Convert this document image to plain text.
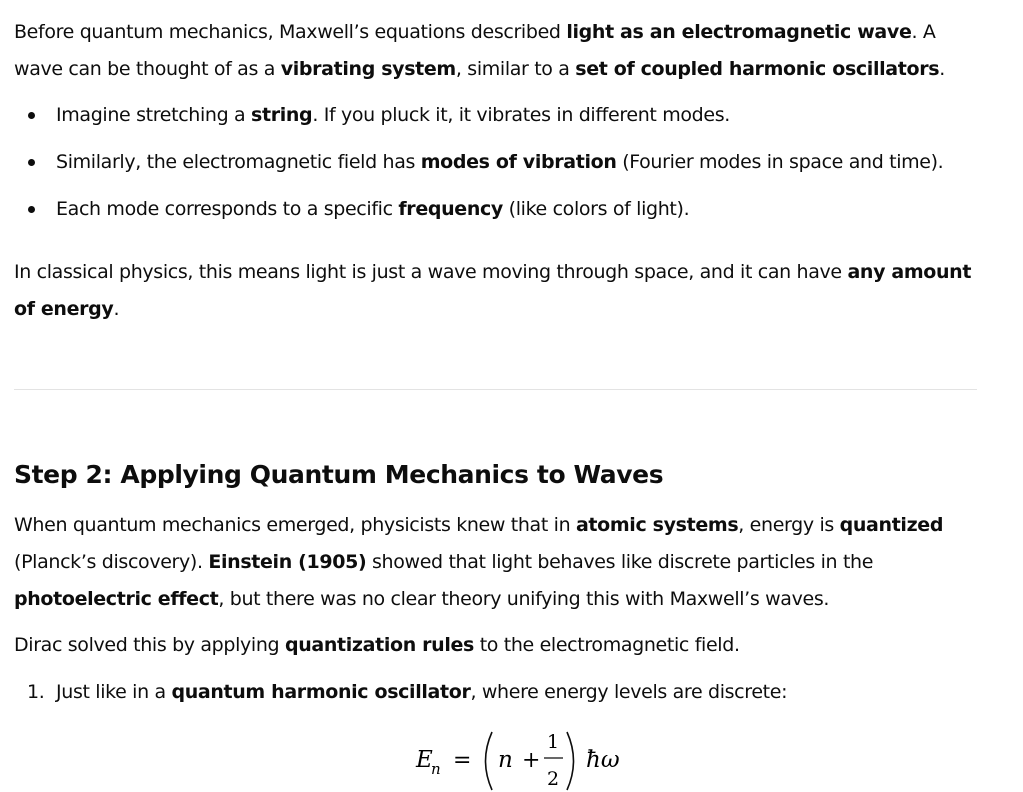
Before quantum mechanics, Maxwell’s equations described light as an electromagnetic wave. A wave can be thought of as a vibrating system, similar to a set of coupled harmonic oscillators.

Imagine stretching a string. If you pluck it, it vibrates in different modes.
Similarly, the electromagnetic field has modes of vibration (Fourier modes in space and time).
Each mode corresponds to a specific frequency (like colors of light).

In classical physics, this means light is just a wave moving through space, and it can have any amount of energy.

Step 2: Applying Quantum Mechanics to Waves

When quantum mechanics emerged, physicists knew that in atomic systems, energy is quantized (Planck’s discovery). Einstein (1905) showed that light behaves like discrete particles in the photoelectric effect, but there was no clear theory unifying this with Maxwell’s waves.

Dirac solved this by applying quantization rules to the electromagnetic field.

1. Just like in a quantum harmonic oscillator, where energy levels are discrete:
E
n = n +
1
2
ħω
